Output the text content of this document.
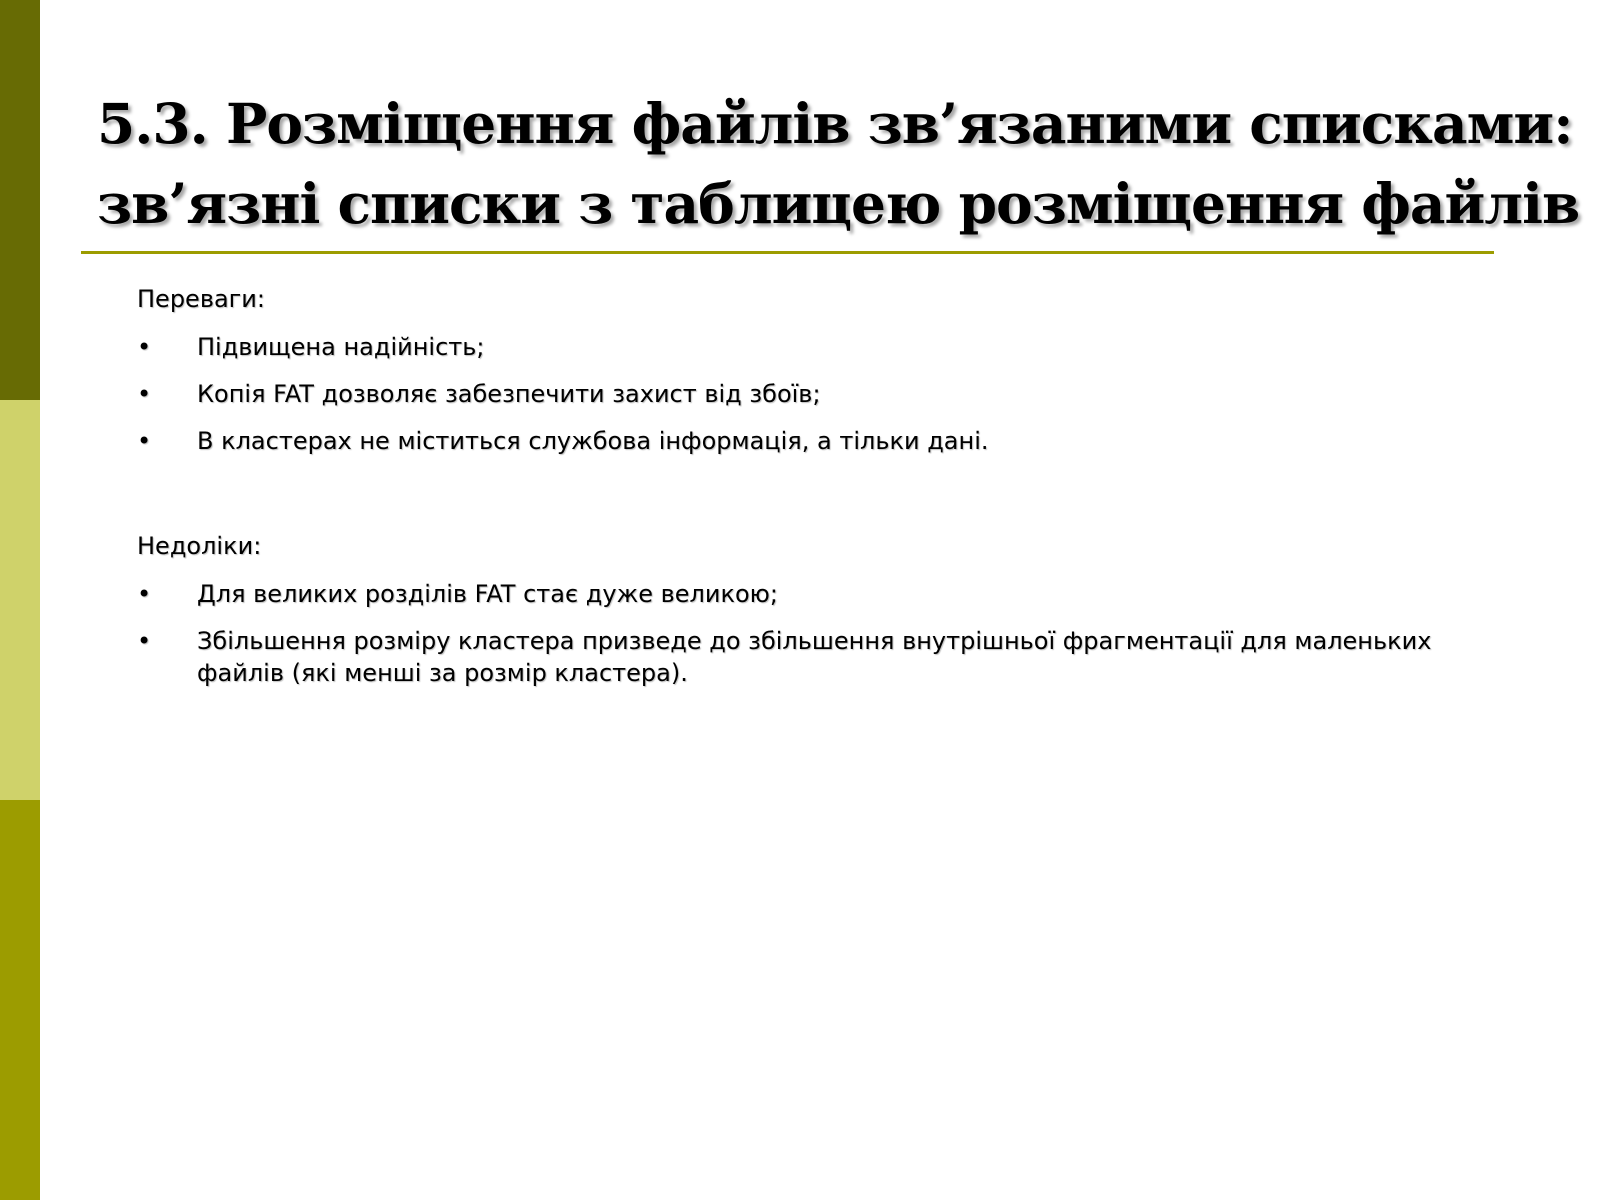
5.3. Розміщення файлів зв’язаними списками:
зв’язні списки з таблицею розміщення файлів

Переваги:

• Підвищена надійність;
• Копія FAT дозволяє забезпечити захист від збоїв;
• В кластерах не міститься службова інформація, а тільки дані.

Недоліки:

• Для великих розділів FAT стає дуже великою;
• Збільшення розміру кластера призведе до збільшення внутрішньої фрагментації для маленьких файлів (які менші за розмір кластера).
